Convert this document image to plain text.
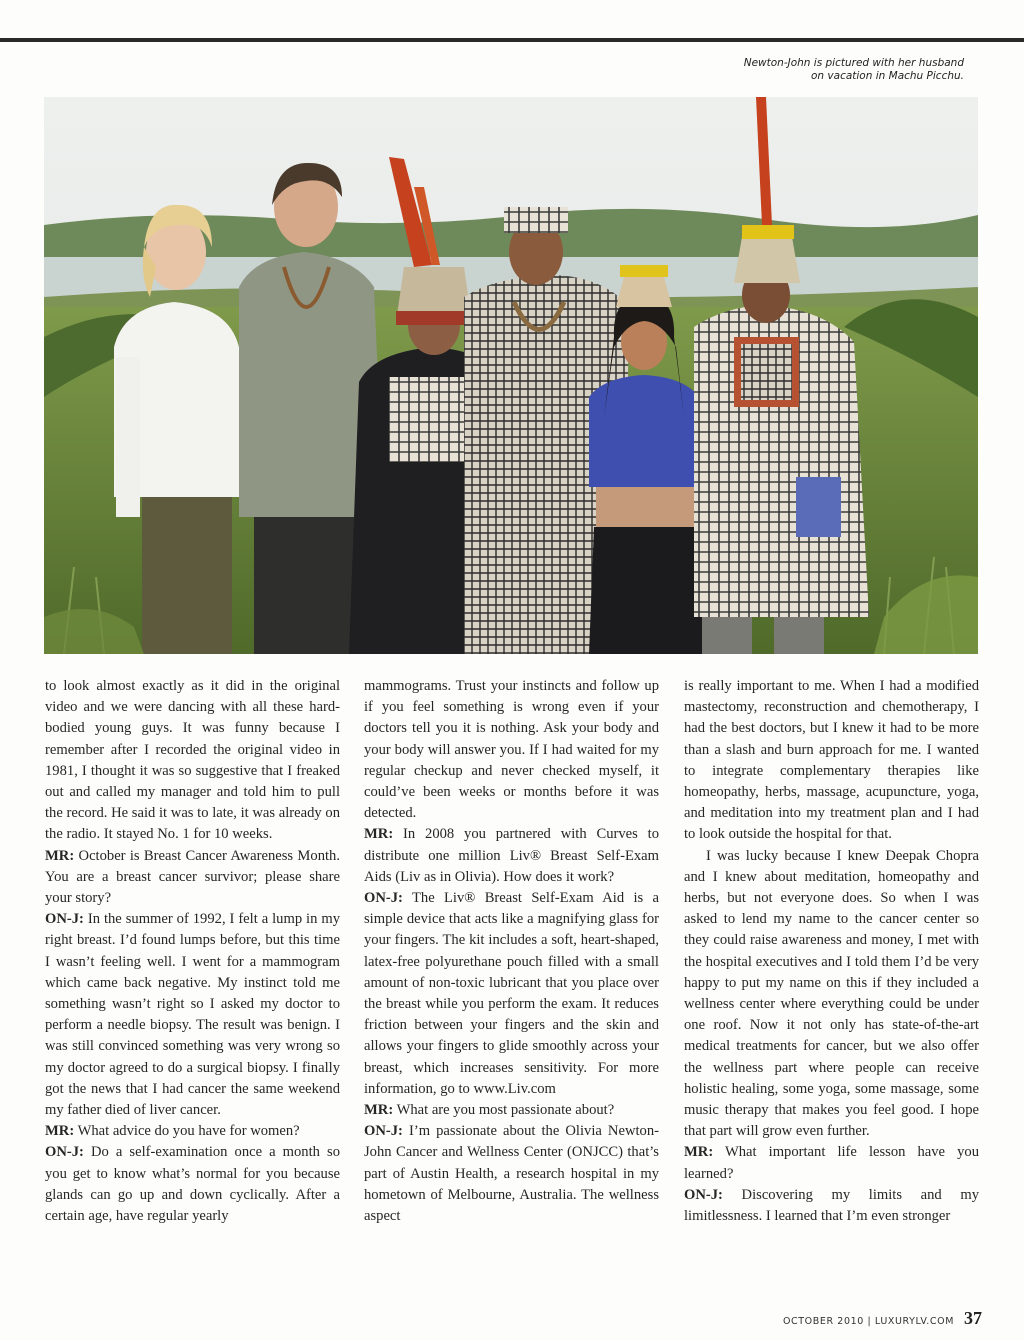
Newton-John is pictured with her husband
on vacation in Machu Picchu.

to look almost exactly as it did in the original video and we were dancing with all these hard-bodied young guys. It was funny because I remember after I recorded the original video in 1981, I thought it was so suggestive that I freaked out and called my manager and told him to pull the record. He said it was to late, it was already on the radio. It stayed No. 1 for 10 weeks.

MR: October is Breast Cancer Awareness Month. You are a breast cancer survivor; please share your story?

ON-J: In the summer of 1992, I felt a lump in my right breast. I’d found lumps before, but this time I wasn’t feeling well. I went for a mammogram which came back negative. My instinct told me something wasn’t right so I asked my doctor to perform a needle biopsy. The result was benign. I was still convinced something was very wrong so my doctor agreed to do a surgical biopsy. I finally got the news that I had cancer the same weekend my father died of liver cancer.

MR: What advice do you have for women?

ON-J: Do a self-examination once a month so you get to know what’s normal for you because glands can go up and down cyclically. After a certain age, have regular yearly

mammograms. Trust your instincts and follow up if you feel something is wrong even if your doctors tell you it is nothing. Ask your body and your body will answer you. If I had waited for my regular checkup and never checked myself, it could’ve been weeks or months before it was detected.

MR: In 2008 you partnered with Curves to distribute one million Liv® Breast Self-Exam Aids (Liv as in Olivia). How does it work?

ON-J: The Liv® Breast Self-Exam Aid is a simple device that acts like a magnifying glass for your fingers. The kit includes a soft, heart-shaped, latex-free polyurethane pouch filled with a small amount of non-toxic lubricant that you place over the breast while you perform the exam. It reduces friction between your fingers and the skin and allows your fingers to glide smoothly across your breast, which increases sensitivity. For more information, go to www.Liv.com

MR: What are you most passionate about?

ON-J: I’m passionate about the Olivia Newton-John Cancer and Wellness Center (ONJCC) that’s part of Austin Health, a research hospital in my hometown of Melbourne, Australia. The wellness aspect

is really important to me. When I had a modified mastectomy, reconstruction and chemotherapy, I had the best doctors, but I knew it had to be more than a slash and burn approach for me. I wanted to integrate complementary therapies like homeopathy, herbs, massage, acupuncture, yoga, and meditation into my treatment plan and I had to look outside the hospital for that.

I was lucky because I knew Deepak Chopra and I knew about meditation, homeopathy and herbs, but not everyone does. So when I was asked to lend my name to the cancer center so they could raise awareness and money, I met with the hospital executives and I told them I’d be very happy to put my name on this if they included a wellness center where everything could be under one roof. Now it not only has state-of-the-art medical treatments for cancer, but we also offer the wellness part where people can receive holistic healing, some yoga, some massage, some music therapy that makes you feel good. I hope that part will grow even further.

MR: What important life lesson have you learned?

ON-J: Discovering my limits and my limitlessness. I learned that I’m even stronger

OCTOBER 2010 | LUXURYLV.COM 37
